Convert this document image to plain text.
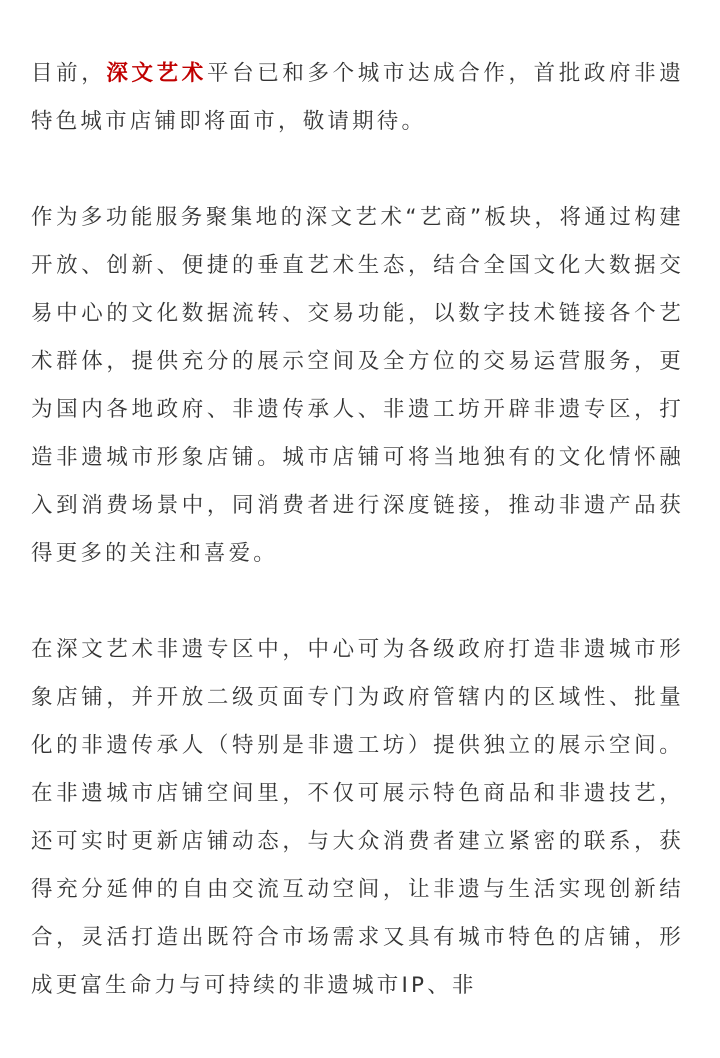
目前，深文艺术平台已和多个城市达成合作，首批政府非遗特色城市店铺即将面市，敬请期待。

作为多功能服务聚集地的深文艺术“艺商”板块，将通过构建开放、创新、便捷的垂直艺术生态，结合全国文化大数据交易中心的文化数据流转、交易功能，以数字技术链接各个艺术群体，提供充分的展示空间及全方位的交易运营服务，更为国内各地政府、非遗传承人、非遗工坊开辟非遗专区，打造非遗城市形象店铺。城市店铺可将当地独有的文化情怀融入到消费场景中，同消费者进行深度链接，推动非遗产品获得更多的关注和喜爱。

在深文艺术非遗专区中，中心可为各级政府打造非遗城市形象店铺，并开放二级页面专门为政府管辖内的区域性、批量化的非遗传承人（特别是非遗工坊）提供独立的展示空间。在非遗城市店铺空间里，不仅可展示特色商品和非遗技艺，还可实时更新店铺动态，与大众消费者建立紧密的联系，获得充分延伸的自由交流互动空间，让非遗与生活实现创新结合，灵活打造出既符合市场需求又具有城市特色的店铺，形成更富生命力与可持续的非遗城市IP、非
